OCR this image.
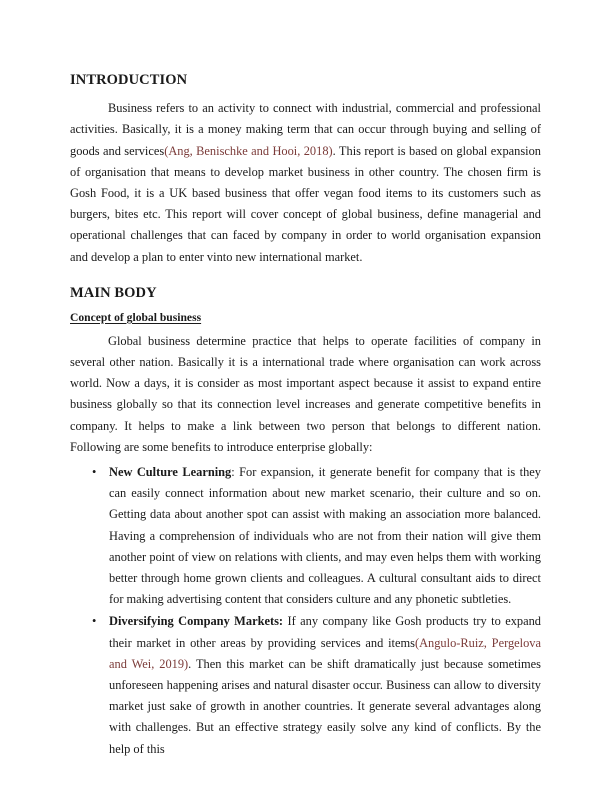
INTRODUCTION

Business refers to an activity to connect with industrial, commercial and professional activities. Basically, it is a money making term that can occur through buying and selling of goods and services(Ang, Benischke and Hooi, 2018). This report is based on global expansion of organisation that means to develop market business in other country. The chosen firm is Gosh Food, it is a UK based business that offer vegan food items to its customers such as burgers, bites etc. This report will cover concept of global business, define managerial and operational challenges that can faced by company in order to world organisation expansion and develop a plan to enter vinto new international market.

MAIN BODY
Concept of global business

Global business determine practice that helps to operate facilities of company in several other nation. Basically it is a international trade where organisation can work across world. Now a days, it is consider as most important aspect because it assist to expand entire business globally so that its connection level increases and generate competitive benefits in company. It helps to make a link between two person that belongs to different nation. Following are some benefits to introduce enterprise globally:

• New Culture Learning: For expansion, it generate benefit for company that is they can easily connect information about new market scenario, their culture and so on. Getting data about another spot can assist with making an association more balanced. Having a comprehension of individuals who are not from their nation will give them another point of view on relations with clients, and may even helps them with working better through home grown clients and colleagues. A cultural consultant aids to direct for making advertising content that considers culture and any phonetic subtleties.
• Diversifying Company Markets: If any company like Gosh products try to expand their market in other areas by providing services and items(Angulo-Ruiz, Pergelova and Wei, 2019). Then this market can be shift dramatically just because sometimes unforeseen happening arises and natural disaster occur. Business can allow to diversity market just sake of growth in another countries. It generate several advantages along with challenges. But an effective strategy easily solve any kind of conflicts. By the help of this
